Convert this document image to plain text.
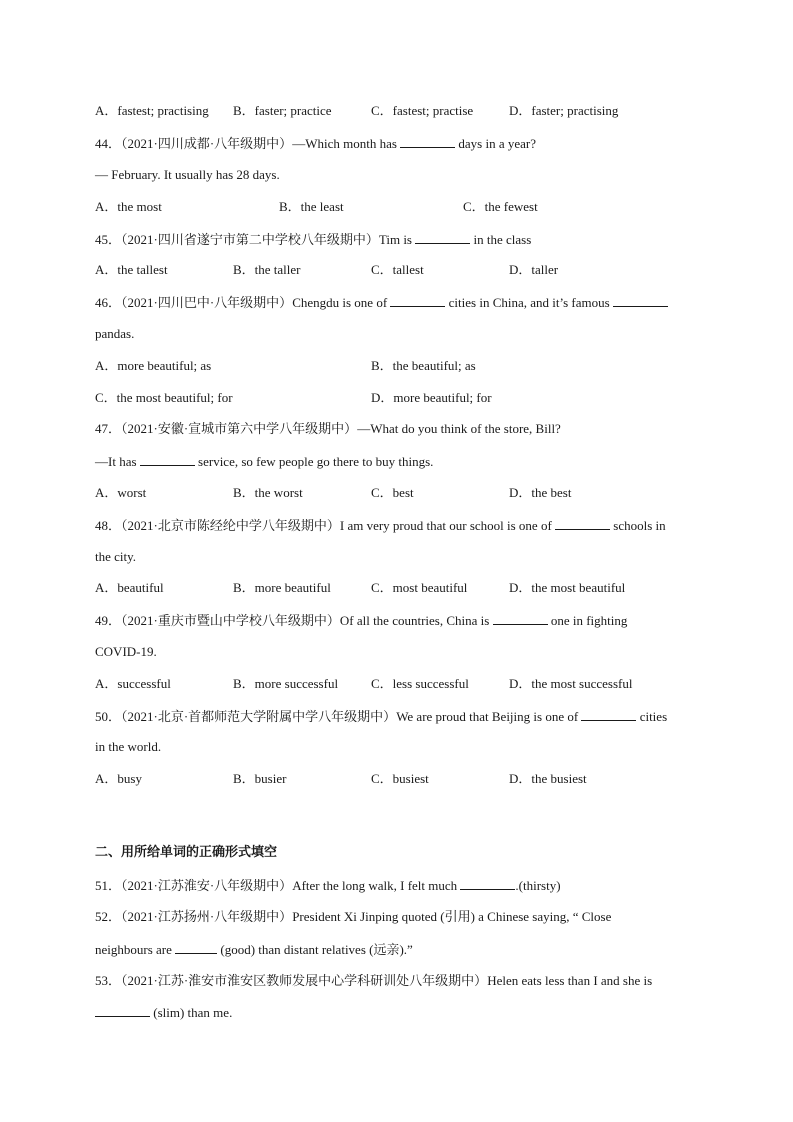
A．fastest; practising B．faster; practice	C．fastest; practise	D．faster; practising
44．（2021·四川成都·八年级期中）—Which month has	days in a year?
— February. It usually has 28 days.
A．the most	B．the least	C．the fewest
45．（2021·四川省遂宁市第二中学校八年级期中）Tim is	in the class
A．the tallest	B．the taller	C．tallest	D．taller
46．（2021·四川巴中·八年级期中）Chengdu is one of	cities in China, and it’s famous
pandas.
A．more beautiful; as	B．the beautiful; as
C．the most beautiful; for	D．more beautiful; for
47．（2021·安徽·宣城市第六中学八年级期中）—What do you think of the store, Bill?
—It has	service, so few people go there to buy things.
A．worst	B．the worst	C．best	D．the best
48．（2021·北京市陈经纶中学八年级期中）I am very proud that our school is one of	schools in
the city.
A．beautiful	B．more beautiful	C．most beautiful	D．the most beautiful
49．（2021·重庆市暨山中学校八年级期中）Of all the countries, China is	one in fighting
COVID-19.
A．successful	B．more successful	C．less successful	D．the most successful
50．（2021·北京·首都师范大学附属中学八年级期中）We are proud that Beijing is one of	cities
in the world.
A．busy	B．busier	C．busiest	D．the busiest
二、用所给单词的正确形式填空
51．（2021·江苏淮安·八年级期中）After the long walk, I felt much	.(thirsty)
52．（2021·江苏扬州·八年级期中）President Xi Jinping quoted (引用) a Chinese saying, “ Close
neighbours are	(good) than distant relatives (远亲).”
53．（2021·江苏·淮安市淮安区教师发展中心学科研训处八年级期中）Helen eats less than I and she is
(slim) than me.
